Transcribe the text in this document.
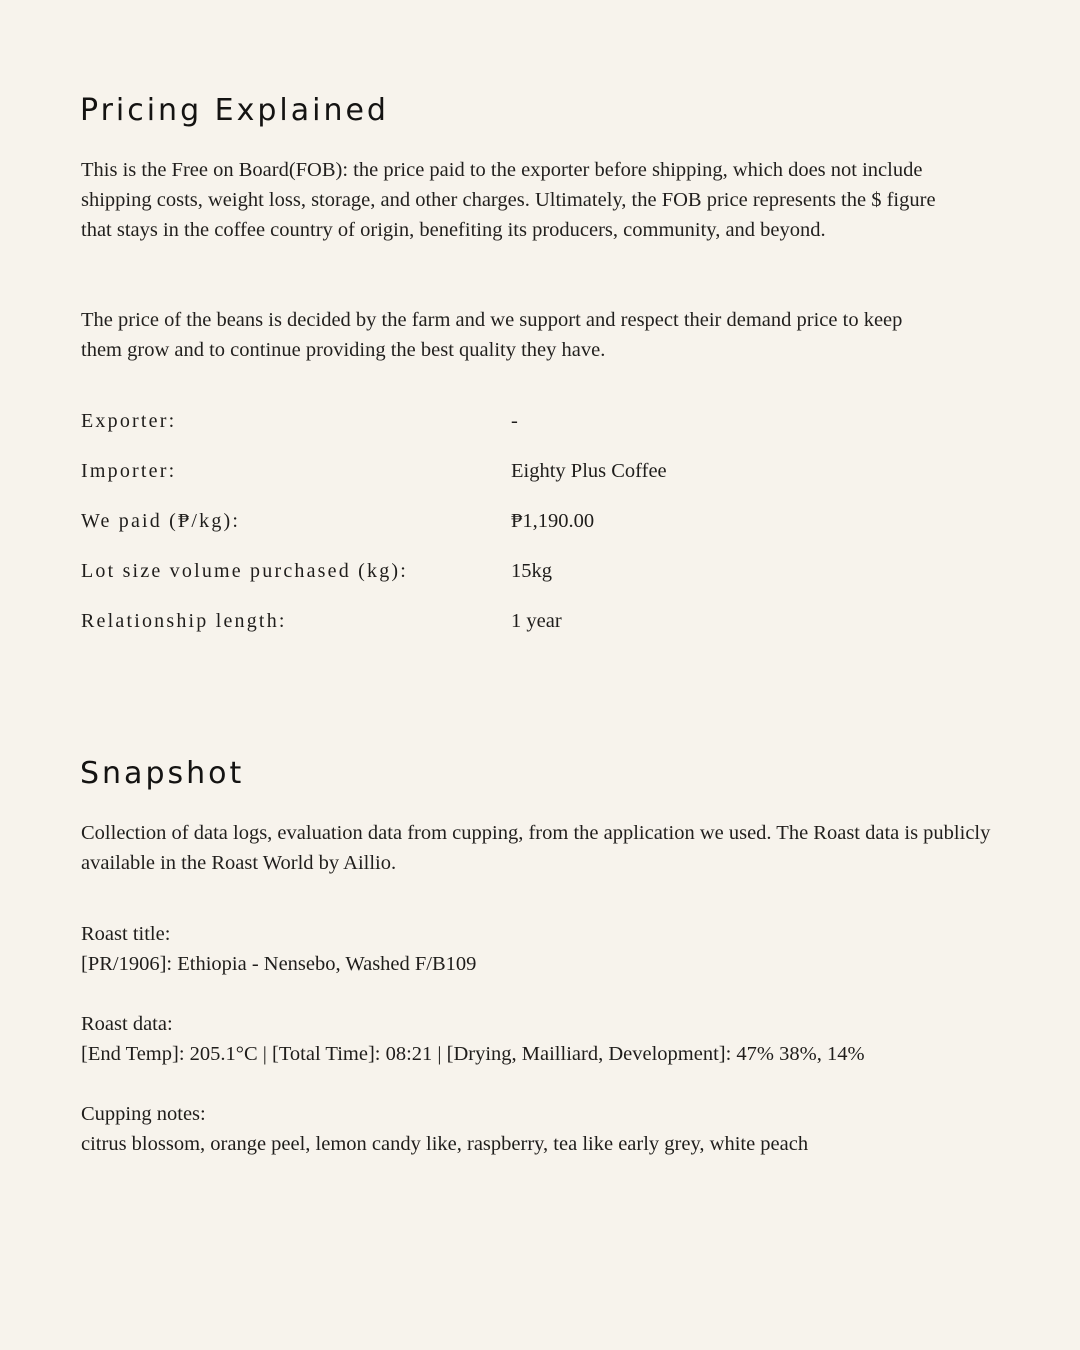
Pricing Explained

This is the Free on Board(FOB): the price paid to the exporter before shipping, which does not include shipping costs, weight loss, storage, and other charges. Ultimately, the FOB price represents the $ figure that stays in the coffee country of origin, benefiting its producers, community, and beyond.

The price of the beans is decided by the farm and we support and respect their demand price to keep them grow and to continue providing the best quality they have.

Exporter:	-
Importer:	Eighty Plus Coffee
We paid (₱/kg):	₱1,190.00
Lot size volume purchased (kg):	15kg
Relationship length:	1 year
Snapshot

Collection of data logs, evaluation data from cupping, from the application we used. The Roast data is publicly available in the Roast World by Aillio.

Roast title:
[PR/1906]: Ethiopia - Nensebo, Washed F/B109
Roast data:
[End Temp]: 205.1°C | [Total Time]: 08:21 | [Drying, Mailliard, Development]: 47% 38%, 14%
Cupping notes:
citrus blossom, orange peel, lemon candy like, raspberry, tea like early grey, white peach
